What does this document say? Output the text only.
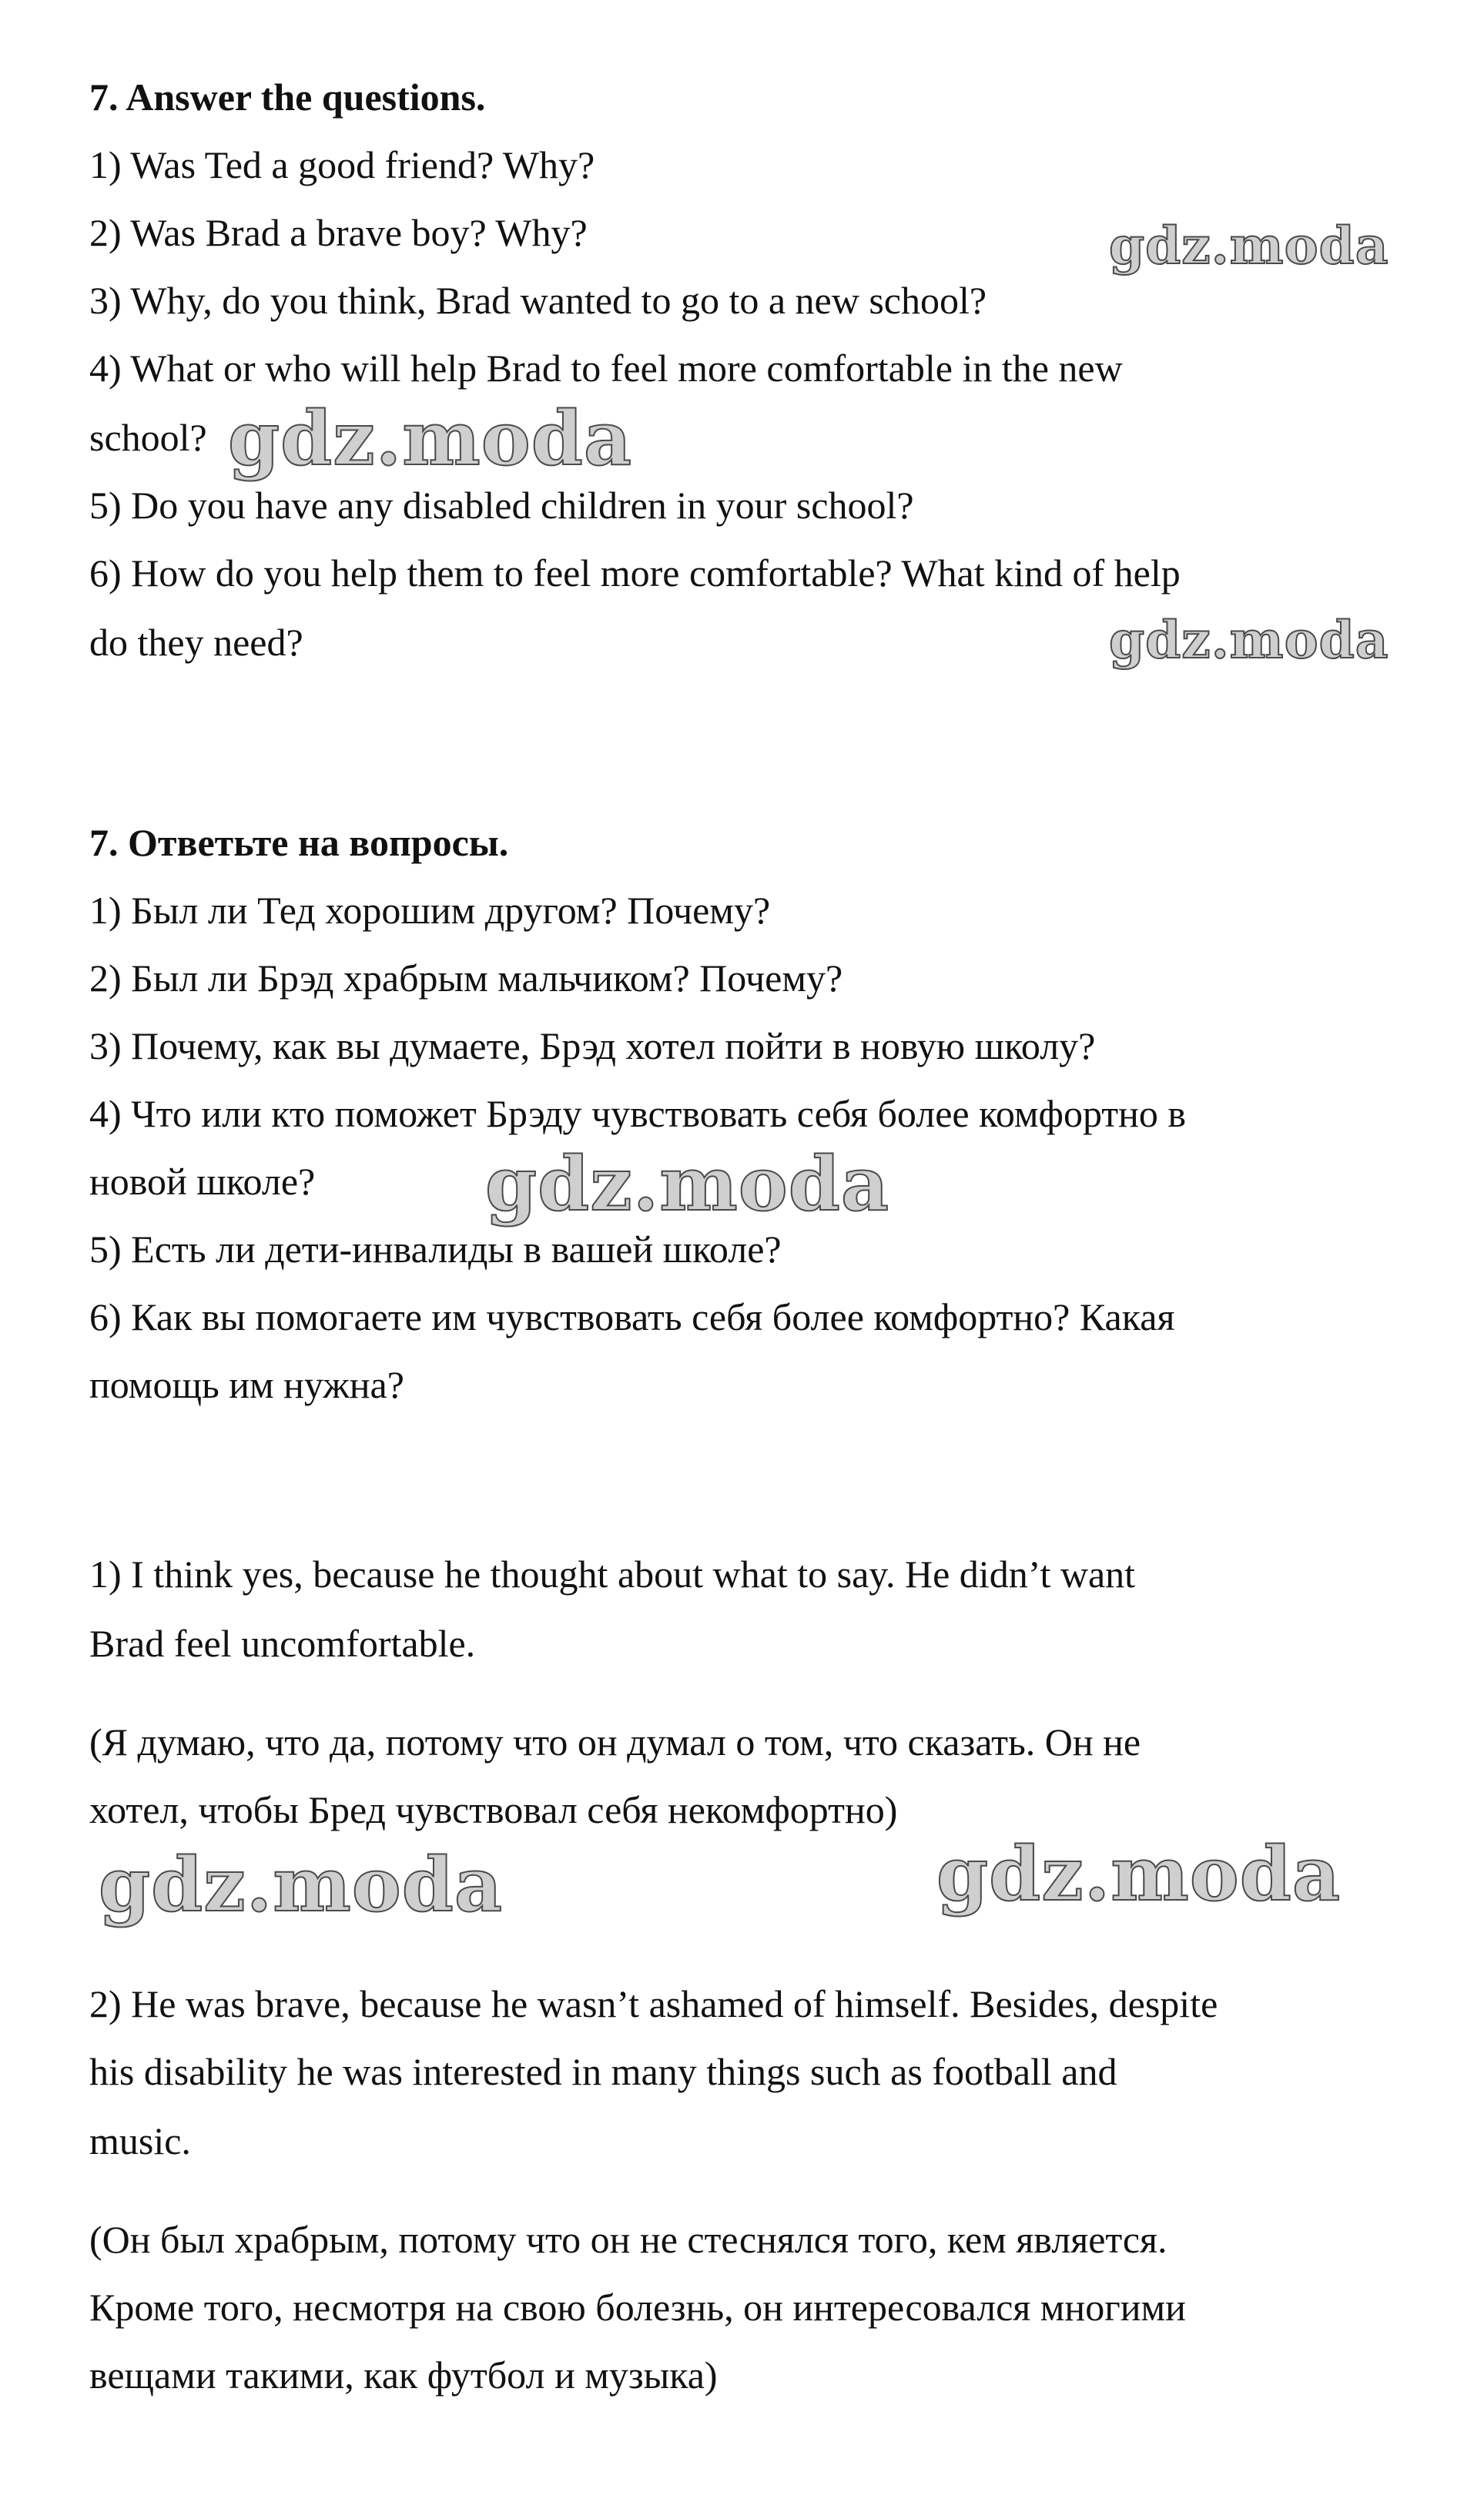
7. Answer the questions.
1) Was Ted a good friend? Why?
2) Was Brad a brave boy? Why?
3) Why, do you think, Brad wanted to go to a new school?
4) What or who will help Brad to feel more comfortable in the new
school?
5) Do you have any disabled children in your school?
6) How do you help them to feel more comfortable? What kind of help
do they need?
7. Ответьте на вопросы.
1) Был ли Тед хорошим другом? Почему?
2) Был ли Брэд храбрым мальчиком? Почему?
3) Почему, как вы думаете, Брэд хотел пойти в новую школу?
4) Что или кто поможет Брэду чувствовать себя более комфортно в
новой школе?
5) Есть ли дети-инвалиды в вашей школе?
6) Как вы помогаете им чувствовать себя более комфортно? Какая
помощь им нужна?
1) I think yes, because he thought about what to say. He didn’t want
Brad feel uncomfortable.
(Я думаю, что да, потому что он думал о том, что сказать. Он не
хотел, чтобы Бред чувствовал себя некомфортно)
2) He was brave, because he wasn’t ashamed of himself. Besides, despite
his disability he was interested in many things such as football and
music.
(Он был храбрым, потому что он не стеснялся того, кем является.
Кроме того, несмотря на свою болезнь, он интересовался многими
вещами такими, как футбол и музыка)
gdz.moda
gdz.moda
gdz.moda
gdz.moda
gdz.moda	gdz.moda
